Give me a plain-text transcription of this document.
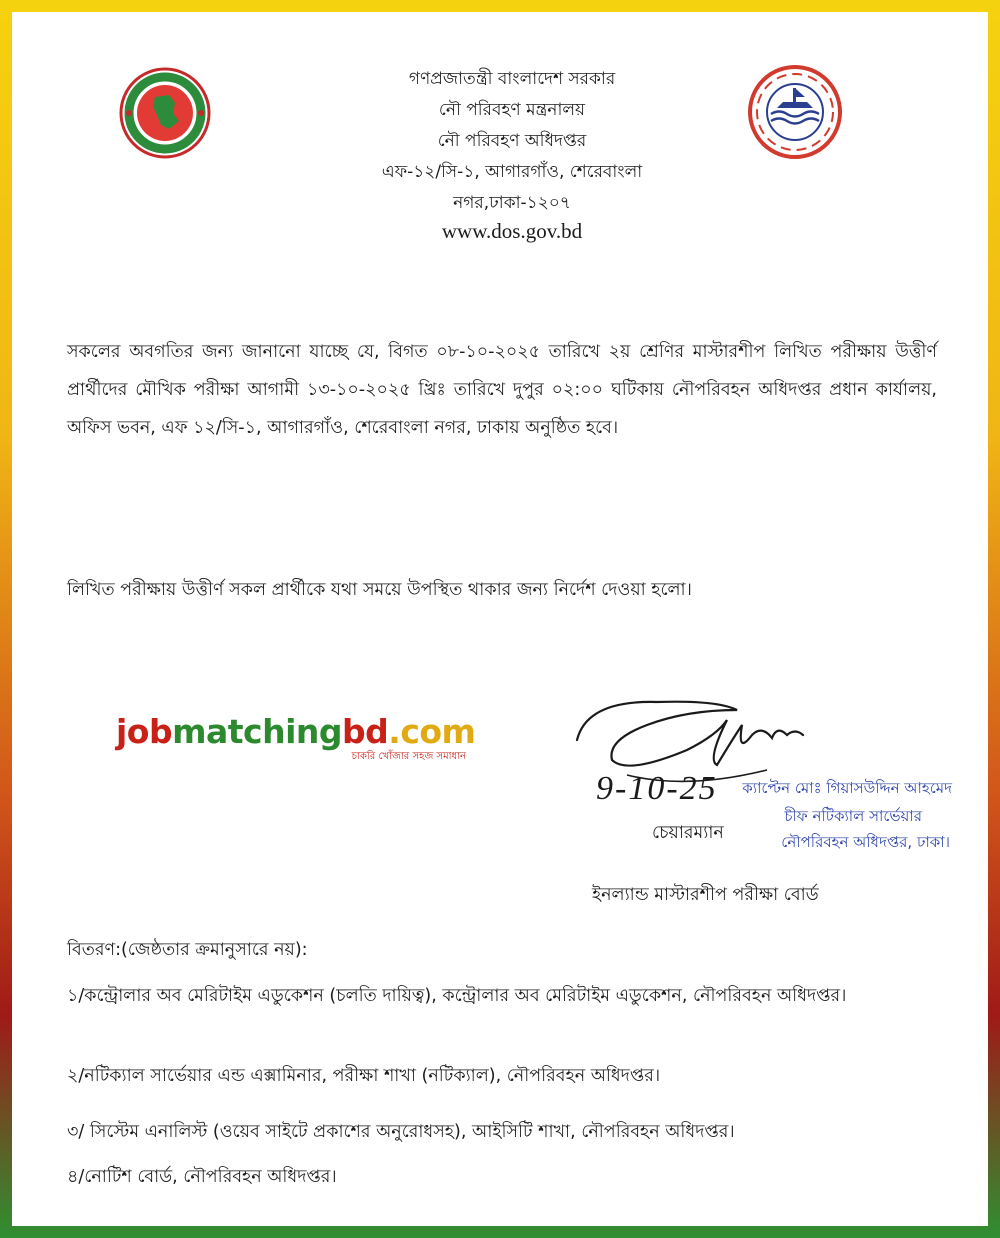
গণপ্রজাতন্ত্রী বাংলাদেশ সরকার
নৌ পরিবহণ মন্ত্রনালয়
নৌ পরিবহণ অধিদপ্তর
এফ-১২/সি-১, আগারগাঁও, শেরেবাংলা
নগর,ঢাকা-১২০৭
www.dos.gov.bd
সকলের অবগতির জন্য জানানো যাচ্ছে যে, বিগত ০৮-১০-২০২৫ তারিখে ২য় শ্রেণির মাস্টারশীপ লিখিত পরীক্ষায় উত্তীর্ণ প্রার্থীদের মৌখিক পরীক্ষা আগামী ১৩-১০-২০২৫ খ্রিঃ তারিখে দুপুর ০২:০০ ঘটিকায় নৌপরিবহন অধিদপ্তর প্রধান কার্যালয়, অফিস ভবন, এফ ১২/সি-১, আগারগাঁও, শেরেবাংলা নগর, ঢাকায় অনুষ্ঠিত হবে।
লিখিত পরীক্ষায় উত্তীর্ণ সকল প্রার্থীকে যথা সময়ে উপস্থিত থাকার জন্য নির্দেশ দেওয়া হলো।
jobmatchingbd.com
চাকরি খোঁজার সহজ সমাধান
9-10-25	ক্যাপ্টেন মোঃ গিয়াসউদ্দিন আহমেদ
চীফ নটিক্যাল সার্ভেয়ার
নৌপরিবহন অধিদপ্তর, ঢাকা।
চেয়ারম্যান
ইনল্যান্ড মাস্টারশীপ পরীক্ষা বোর্ড
বিতরণ:(জেষ্ঠতার ক্রমানুসারে নয়):
১/কন্ট্রোলার অব মেরিটাইম এডুকেশন (চলতি দায়িত্ব), কন্ট্রোলার অব মেরিটাইম এডুকেশন, নৌপরিবহন অধিদপ্তর।
২/নটিক্যাল সার্ভেয়ার এন্ড এক্সামিনার, পরীক্ষা শাখা (নটিক্যাল), নৌপরিবহন অধিদপ্তর।
৩/ সিস্টেম এনালিস্ট (ওয়েব সাইটে প্রকাশের অনুরোধসহ), আইসিটি শাখা, নৌপরিবহন অধিদপ্তর।
৪/নোটিশ বোর্ড, নৌপরিবহন অধিদপ্তর।
